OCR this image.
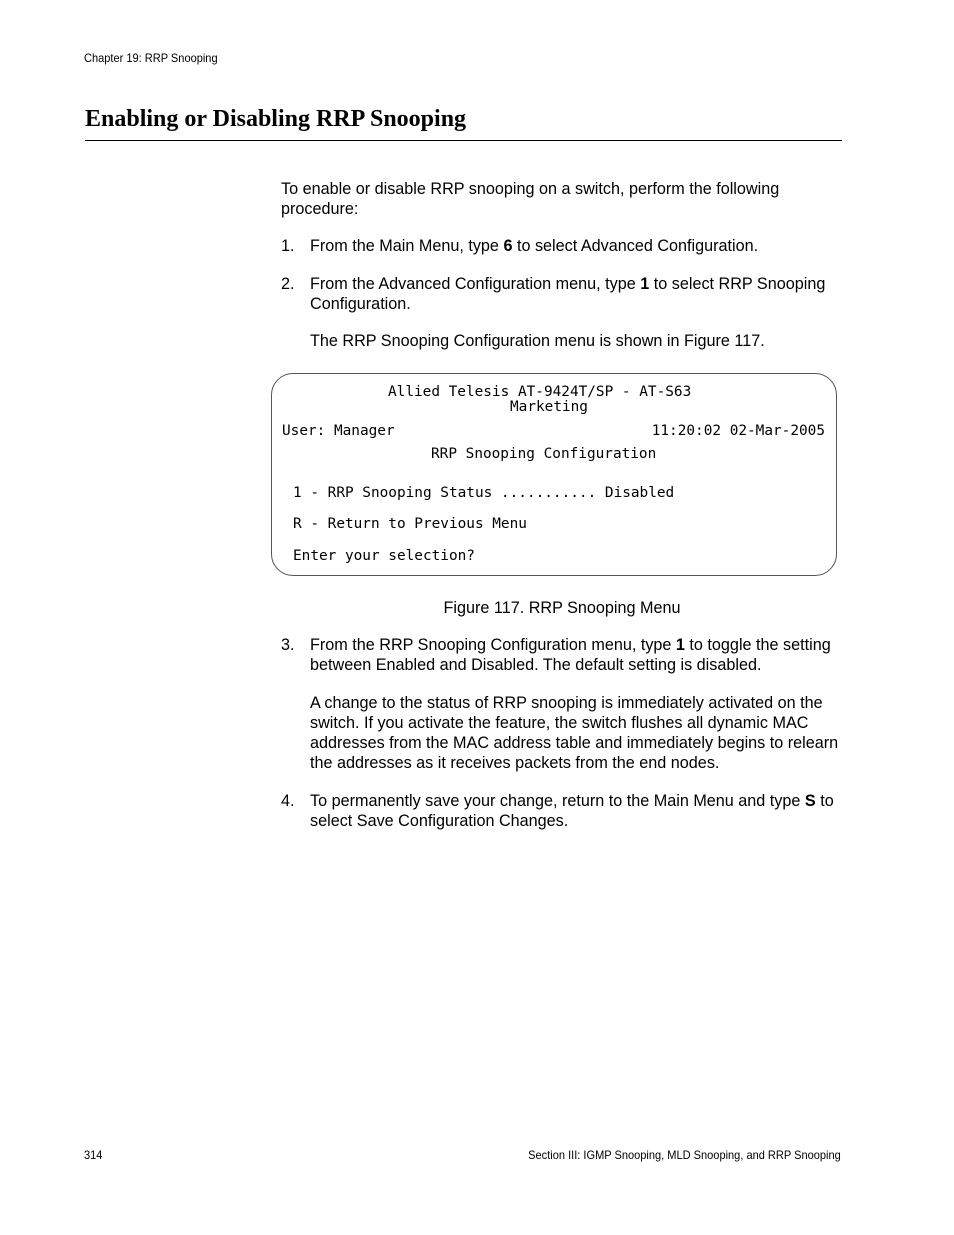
Chapter 19: RRP Snooping
Enabling or Disabling RRP Snooping

To enable or disable RRP snooping on a switch, perform the following procedure:

1. From the Main Menu, type 6 to select Advanced Configuration.
2. From the Advanced Configuration menu, type 1 to select RRP Snooping Configuration.

The RRP Snooping Configuration menu is shown in Figure 117.

Allied Telesis AT-9424T/SP - AT-S63
Marketing
User: Manager	11:20:02 02-Mar-2005
RRP Snooping Configuration
1 - RRP Snooping Status ........... Disabled
R - Return to Previous Menu
Enter your selection?
Figure 117. RRP Snooping Menu
3. From the RRP Snooping Configuration menu, type 1 to toggle the setting between Enabled and Disabled. The default setting is disabled.

A change to the status of RRP snooping is immediately activated on the switch. If you activate the feature, the switch flushes all dynamic MAC addresses from the MAC address table and immediately begins to relearn the addresses as it receives packets from the end nodes.

4. To permanently save your change, return to the Main Menu and type S to select Save Configuration Changes.
314	Section III: IGMP Snooping, MLD Snooping, and RRP Snooping
